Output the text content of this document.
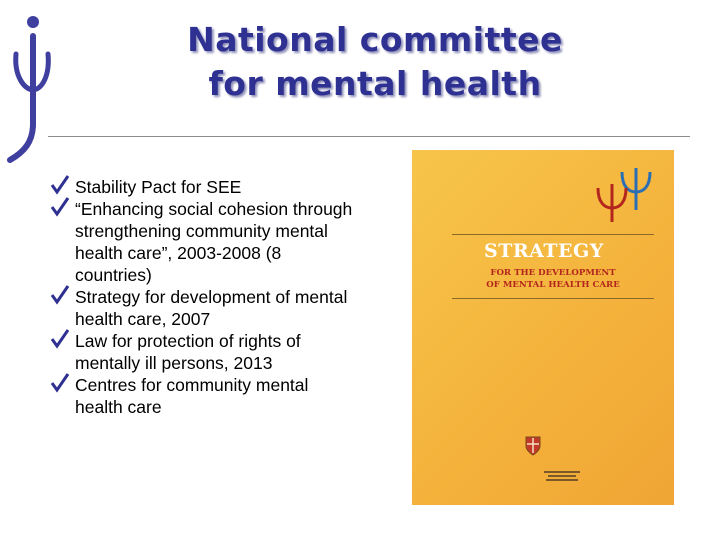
National committee
for mental health
Stability Pact for SEE
“Enhancing social cohesion through strengthening community mental health care”, 2003-2008 (8 countries)
Strategy for development of mental health care, 2007
Law for protection of rights of mentally ill persons, 2013
Centres for community mental health care
STRATEGY
FOR THE DEVELOPMENT
OF MENTAL HEALTH CARE
